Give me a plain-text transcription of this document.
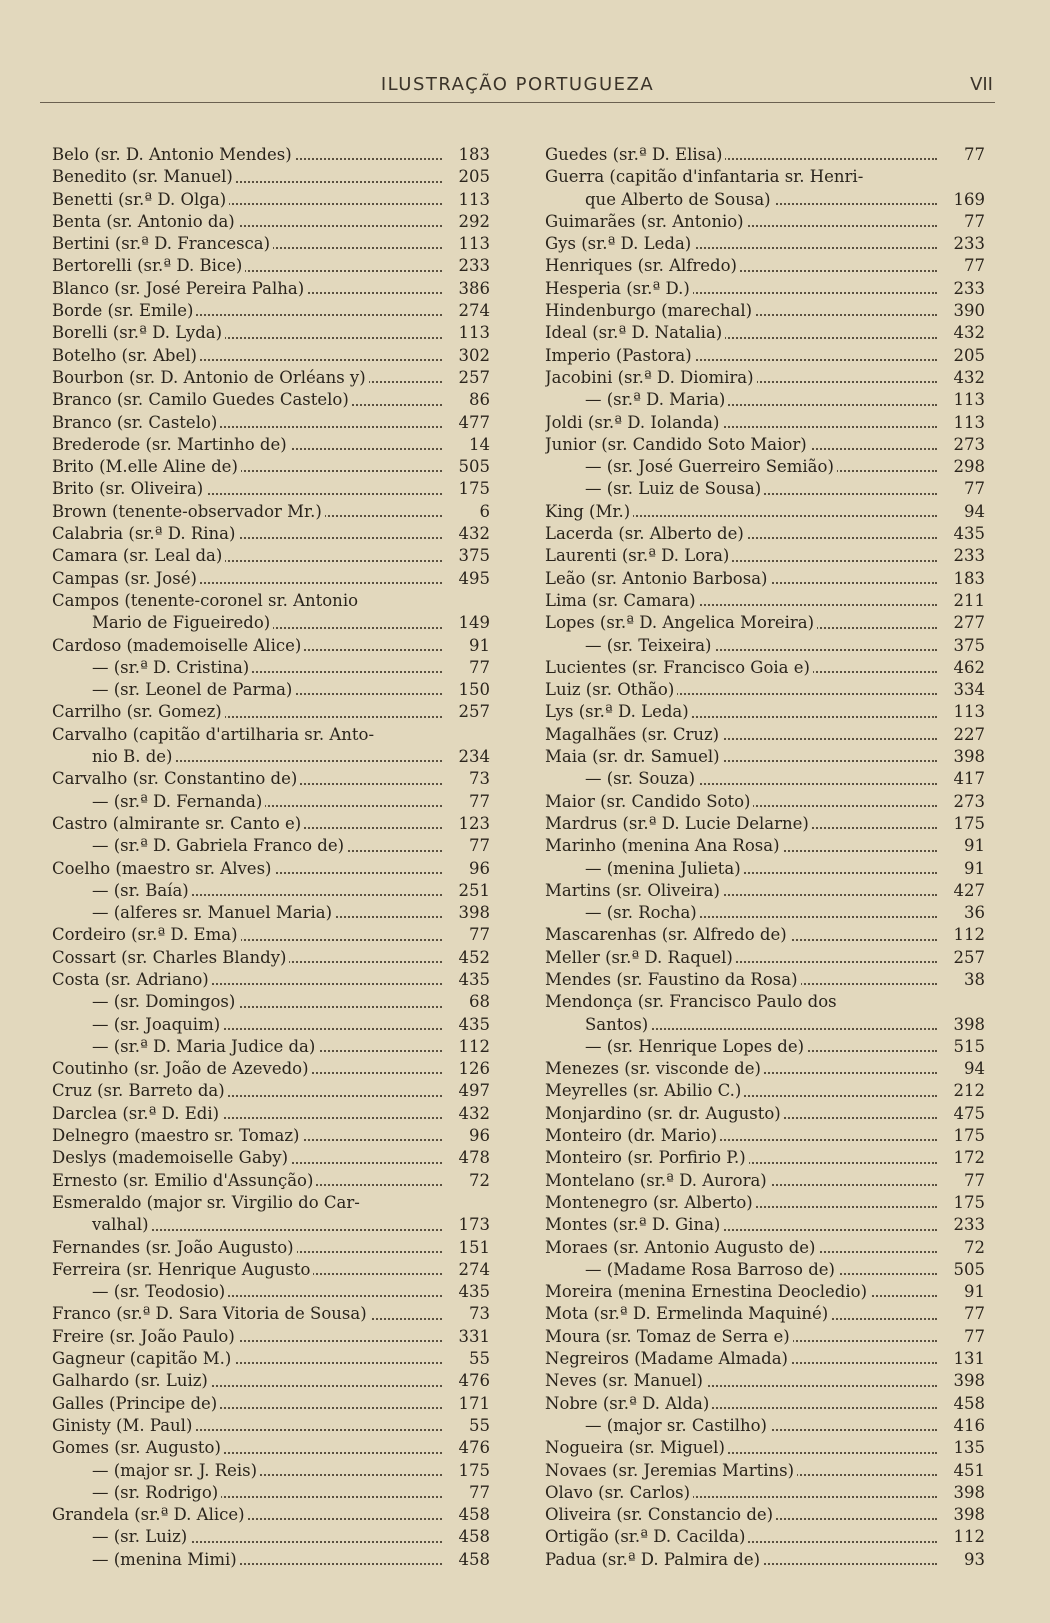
ILUSTRAÇÃO PORTUGUEZA	VII
Belo (sr. D. Antonio Mendes)	183
Benedito (sr. Manuel)	205
Benetti (sr.ª D. Olga)	113
Benta (sr. Antonio da)	292
Bertini (sr.ª D. Francesca)	113
Bertorelli (sr.ª D. Bice)	233
Blanco (sr. José Pereira Palha)	386
Borde (sr. Emile)	274
Borelli (sr.ª D. Lyda)	113
Botelho (sr. Abel)	302
Bourbon (sr. D. Antonio de Orléans y)	257
Branco (sr. Camilo Guedes Castelo)	86
Branco (sr. Castelo)	477
Brederode (sr. Martinho de)	14
Brito (M.elle Aline de)	505
Brito (sr. Oliveira)	175
Brown (tenente-observador Mr.)	6
Calabria (sr.ª D. Rina)	432
Camara (sr. Leal da)	375
Campas (sr. José)	495
Campos (tenente-coronel sr. Antonio
Mario de Figueiredo)	149
Cardoso (mademoiselle Alice)	91
— (sr.ª D. Cristina)	77
— (sr. Leonel de Parma)	150
Carrilho (sr. Gomez)	257
Carvalho (capitão d'artilharia sr. Anto-
nio B. de)	234
Carvalho (sr. Constantino de)	73
— (sr.ª D. Fernanda)	77
Castro (almirante sr. Canto e)	123
— (sr.ª D. Gabriela Franco de)	77
Coelho (maestro sr. Alves)	96
— (sr. Baía)	251
— (alferes sr. Manuel Maria)	398
Cordeiro (sr.ª D. Ema)	77
Cossart (sr. Charles Blandy)	452
Costa (sr. Adriano)	435
— (sr. Domingos)	68
— (sr. Joaquim)	435
— (sr.ª D. Maria Judice da)	112
Coutinho (sr. João de Azevedo)	126
Cruz (sr. Barreto da)	497
Darclea (sr.ª D. Edi)	432
Delnegro (maestro sr. Tomaz)	96
Deslys (mademoiselle Gaby)	478
Ernesto (sr. Emilio d'Assunção)	72
Esmeraldo (major sr. Virgilio do Car-
valhal)	173
Fernandes (sr. João Augusto)	151
Ferreira (sr. Henrique Augusto	274
— (sr. Teodosio)	435
Franco (sr.ª D. Sara Vitoria de Sousa)	73
Freire (sr. João Paulo)	331
Gagneur (capitão M.)	55
Galhardo (sr. Luiz)	476
Galles (Principe de)	171
Ginisty (M. Paul)	55
Gomes (sr. Augusto)	476
— (major sr. J. Reis)	175
— (sr. Rodrigo)	77
Grandela (sr.ª D. Alice)	458
— (sr. Luiz)	458
— (menina Mimi)	458
Guedes (sr.ª D. Elisa)	77
Guerra (capitão d'infantaria sr. Henri-
que Alberto de Sousa)	169
Guimarães (sr. Antonio)	77
Gys (sr.ª D. Leda)	233
Henriques (sr. Alfredo)	77
Hesperia (sr.ª D.)	233
Hindenburgo (marechal)	390
Ideal (sr.ª D. Natalia)	432
Imperio (Pastora)	205
Jacobini (sr.ª D. Diomira)	432
— (sr.ª D. Maria)	113
Joldi (sr.ª D. Iolanda)	113
Junior (sr. Candido Soto Maior)	273
— (sr. José Guerreiro Semião)	298
— (sr. Luiz de Sousa)	77
King (Mr.)	94
Lacerda (sr. Alberto de)	435
Laurenti (sr.ª D. Lora)	233
Leão (sr. Antonio Barbosa)	183
Lima (sr. Camara)	211
Lopes (sr.ª D. Angelica Moreira)	277
— (sr. Teixeira)	375
Lucientes (sr. Francisco Goia e)	462
Luiz (sr. Othão)	334
Lys (sr.ª D. Leda)	113
Magalhães (sr. Cruz)	227
Maia (sr. dr. Samuel)	398
— (sr. Souza)	417
Maior (sr. Candido Soto)	273
Mardrus (sr.ª D. Lucie Delarne)	175
Marinho (menina Ana Rosa)	91
— (menina Julieta)	91
Martins (sr. Oliveira)	427
— (sr. Rocha)	36
Mascarenhas (sr. Alfredo de)	112
Meller (sr.ª D. Raquel)	257
Mendes (sr. Faustino da Rosa)	38
Mendonça (sr. Francisco Paulo dos
Santos)	398
— (sr. Henrique Lopes de)	515
Menezes (sr. visconde de)	94
Meyrelles (sr. Abilio C.)	212
Monjardino (sr. dr. Augusto)	475
Monteiro (dr. Mario)	175
Monteiro (sr. Porfirio P.)	172
Montelano (sr.ª D. Aurora)	77
Montenegro (sr. Alberto)	175
Montes (sr.ª D. Gina)	233
Moraes (sr. Antonio Augusto de)	72
— (Madame Rosa Barroso de)	505
Moreira (menina Ernestina Deocledio)	91
Mota (sr.ª D. Ermelinda Maquiné)	77
Moura (sr. Tomaz de Serra e)	77
Negreiros (Madame Almada)	131
Neves (sr. Manuel)	398
Nobre (sr.ª D. Alda)	458
— (major sr. Castilho)	416
Nogueira (sr. Miguel)	135
Novaes (sr. Jeremias Martins)	451
Olavo (sr. Carlos)	398
Oliveira (sr. Constancio de)	398
Ortigão (sr.ª D. Cacilda)	112
Padua (sr.ª D. Palmira de)	93
